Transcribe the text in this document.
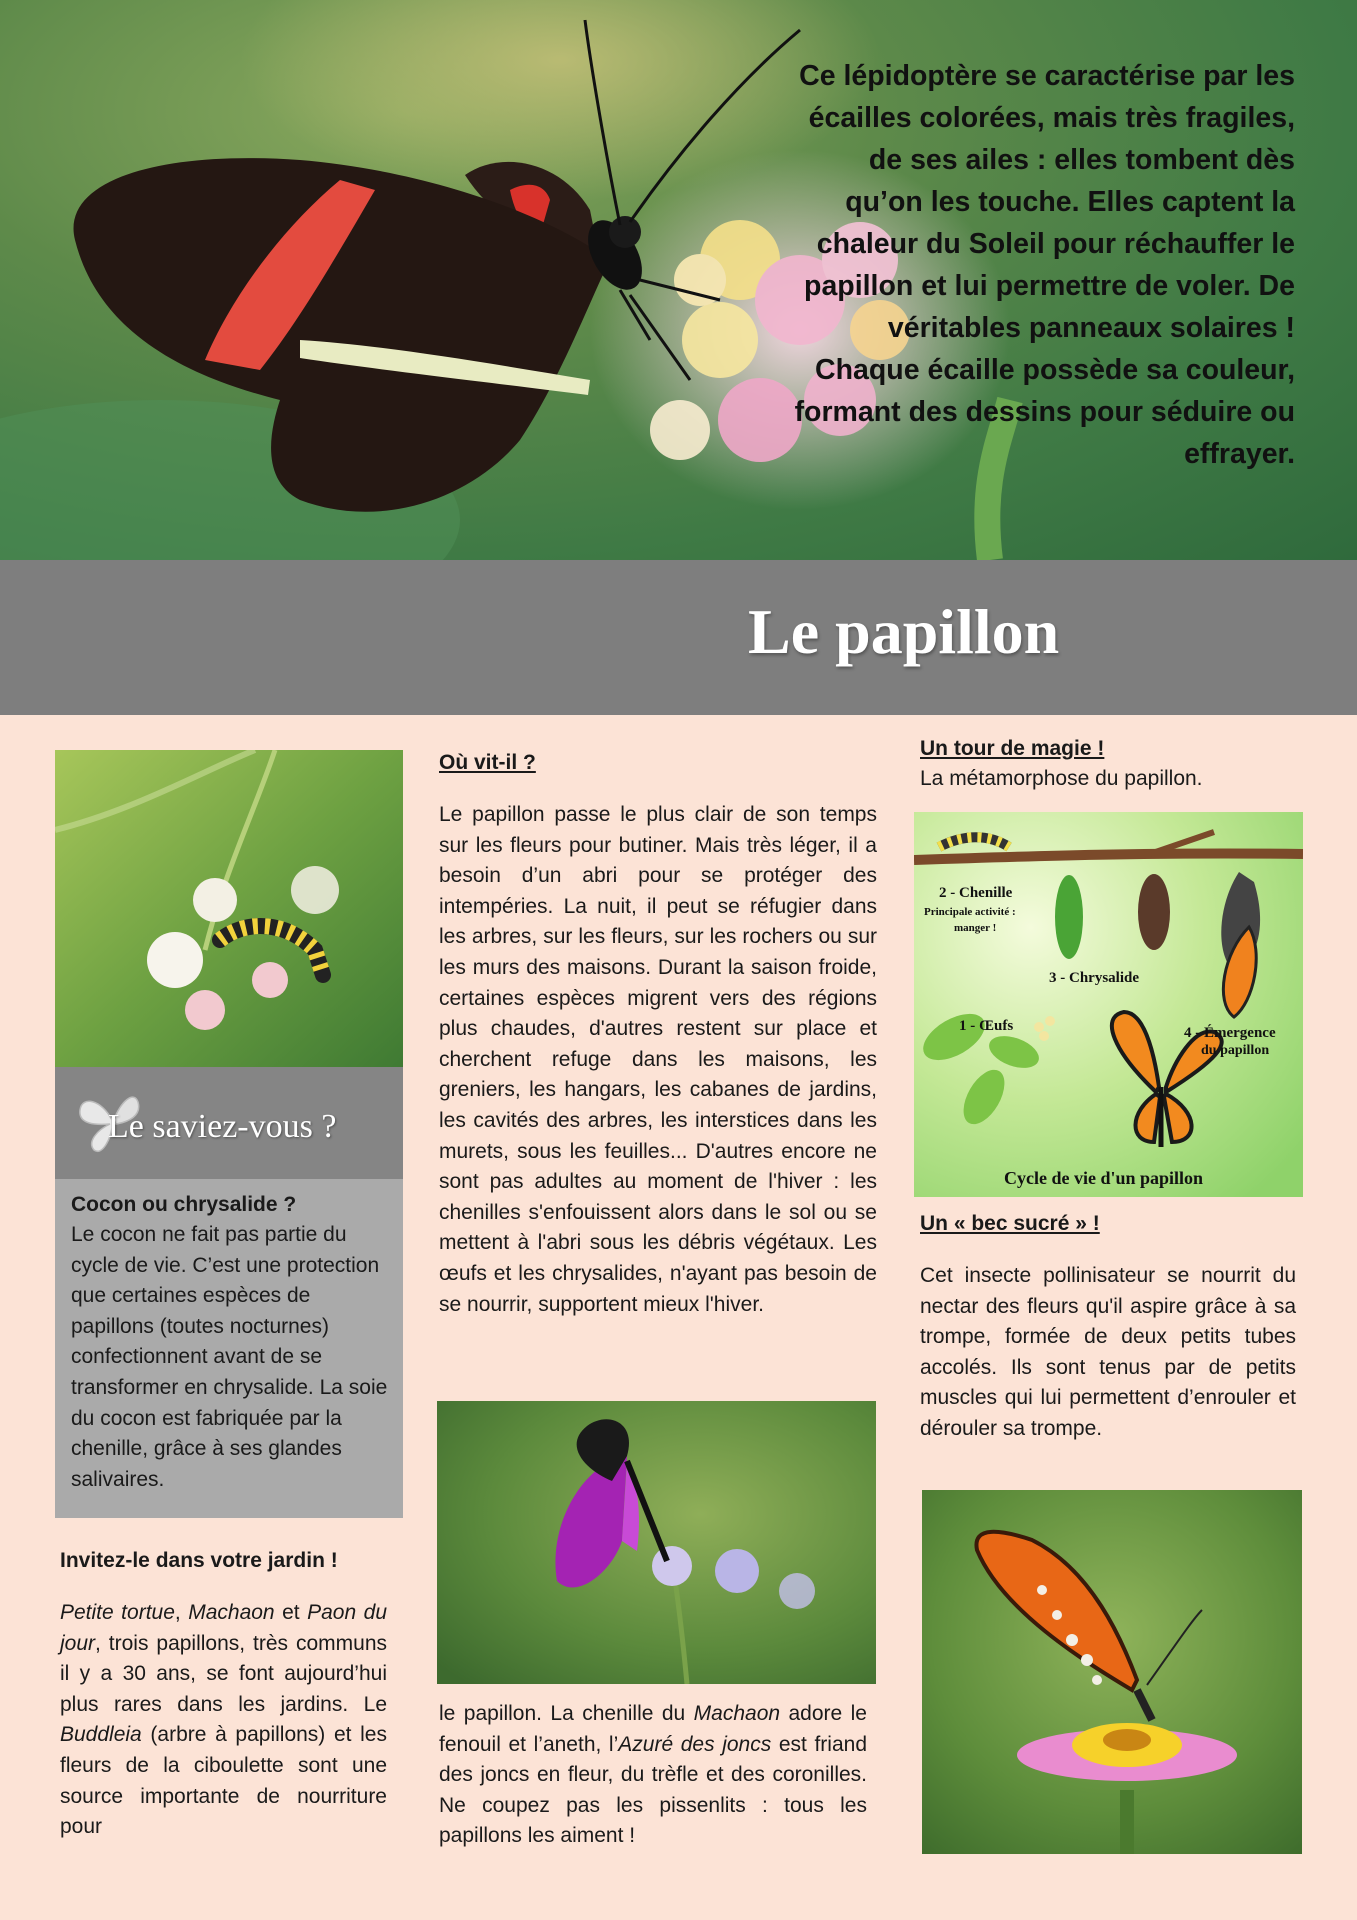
Ce lépidoptère se caractérise par les écailles colorées, mais très fragiles, de ses ailes : elles tombent dès qu’on les touche. Elles captent la chaleur du Soleil pour réchauffer le papillon et lui permettre de voler. De véritables panneaux solaires ! Chaque écaille possède sa couleur, formant des dessins pour séduire ou effrayer.
Le papillon
Le saviez-vous ?

Cocon ou chrysalide ?

Le cocon ne fait pas partie du cycle de vie. C’est une protection que certaines espèces de papillons (toutes nocturnes) confectionnent avant de se transformer en chrysalide. La soie du cocon est fabriquée par la chenille, grâce à ses glandes salivaires.

Invitez-le dans votre jardin !

Petite tortue, Machaon et Paon du jour, trois papillons, très communs il y a 30 ans, se font aujourd’hui plus rares dans les jardins. Le Buddleia (arbre à papillons) et les fleurs de la ciboulette sont une source importante de nourriture pour

Où vit-il ?

Le papillon passe le plus clair de son temps sur les fleurs pour butiner. Mais très léger, il a besoin d’un abri pour se protéger des intempéries. La nuit, il peut se réfugier dans les arbres, sur les fleurs, sur les rochers ou sur les murs des maisons. Durant la saison froide, certaines espèces migrent vers des régions plus chaudes, d'autres restent sur place et cherchent refuge dans les maisons, les greniers, les hangars, les cabanes de jardins, les cavités des arbres, les interstices dans les murets, sous les feuilles... D'autres encore ne sont pas adultes au moment de l'hiver : les chenilles s'enfouissent alors dans le sol ou se mettent à l'abri sous les débris végétaux. Les œufs et les chrysalides, n'ayant pas besoin de se nourrir, supportent mieux l'hiver.

le papillon. La chenille du Machaon adore le fenouil et l’aneth, l’Azuré des joncs est friand des joncs en fleur, du trèfle et des coronilles. Ne coupez pas les pissenlits : tous les papillons les aiment !

Un tour de magie !

La métamorphose du papillon.

2 - Chenille
Principale activité :
manger !
3 - Chrysalide
1 - Œufs	4 - Émergence
du papillon
Cycle de vie d'un papillon

Un « bec sucré » !

Cet insecte pollinisateur se nourrit du nectar des fleurs qu'il aspire grâce à sa trompe, formée de deux petits tubes accolés. Ils sont tenus par de petits muscles qui lui permettent d’enrouler et dérouler sa trompe.
